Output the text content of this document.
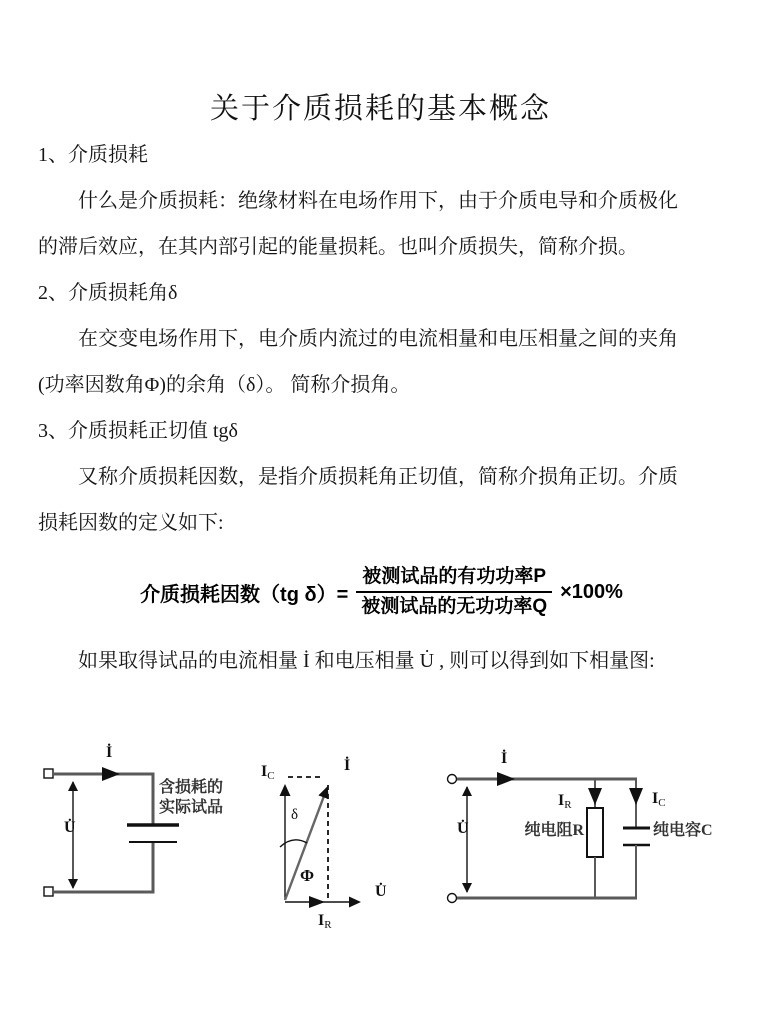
关于介质损耗的基本概念
1、介质损耗
什么是介质损耗：绝缘材料在电场作用下，由于介质电导和介质极化
的滞后效应，在其内部引起的能量损耗。也叫介质损失，简称介损。
2、介质损耗角δ
在交变电场作用下，电介质内流过的电流相量和电压相量之间的夹角
(功率因数角Φ)的余角（δ）。 简称介损角。
3、介质损耗正切值 tgδ
又称介质损耗因数，是指介质损耗角正切值，简称介损角正切。介质
损耗因数的定义如下:
介质损耗因数（tg $\delta)= \frac{\text{被测试品的有功功率P}}{\text{被测试品的无功功率Q}} \times 100\%$
如果取得试品的电流相量 İ 和电压相量 U̇ , 则可以得到如下相量图:
U̇
İ
含损耗的
实际试品
IC
İ
U̇
IR
δ
Φ
IR
纯电阻R
IC
纯电容C
İ
U̇
